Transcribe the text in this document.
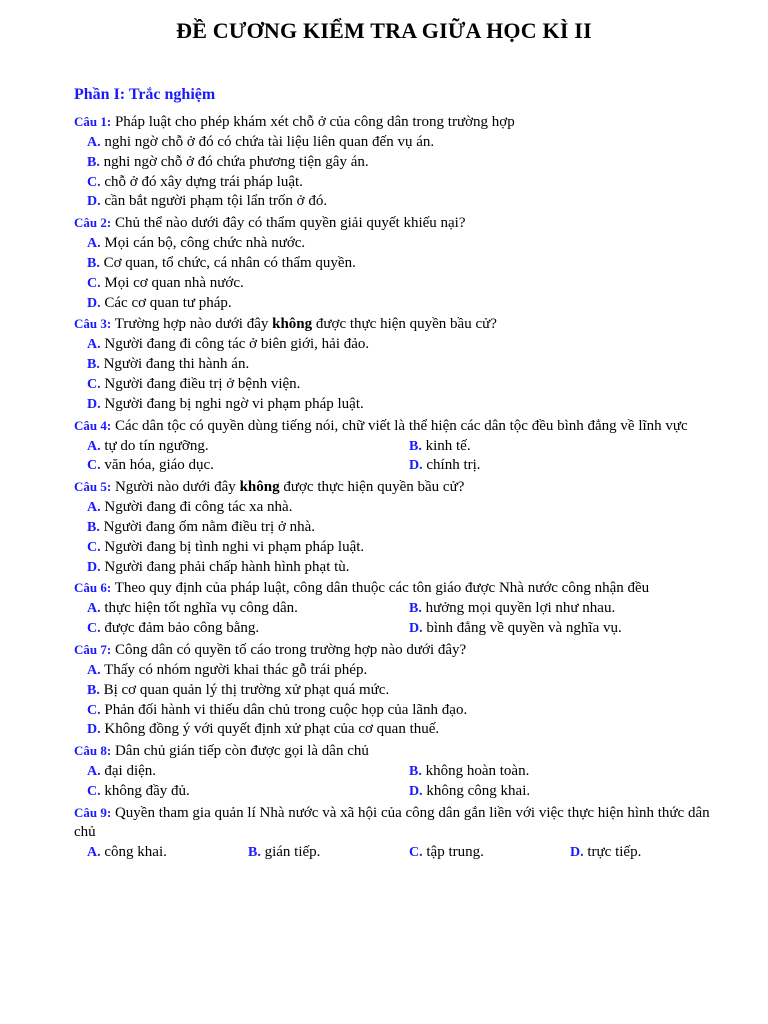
ĐỀ CƯƠNG KIỂM TRA GIỮA HỌC KÌ II
Phần I: Trắc nghiệm
Câu 1: Pháp luật cho phép khám xét chỗ ở của công dân trong trường hợp
A. nghi ngờ chỗ ở đó có chứa tài liệu liên quan đến vụ án.
B. nghi ngờ chỗ ở đó chứa phương tiện gây án.
C. chỗ ở đó xây dựng trái pháp luật.
D. cần bắt người phạm tội lẩn trốn ở đó.
Câu 2: Chủ thể nào dưới đây có thẩm quyền giải quyết khiếu nại?
A. Mọi cán bộ, công chức nhà nước.
B. Cơ quan, tổ chức, cá nhân có thẩm quyền.
C. Mọi cơ quan nhà nước.
D. Các cơ quan tư pháp.
Câu 3: Trường hợp nào dưới đây không được thực hiện quyền bầu cử?
A. Người đang đi công tác ở biên giới, hải đảo.
B. Người đang thi hành án.
C. Người đang điều trị ở bệnh viện.
D. Người đang bị nghi ngờ vi phạm pháp luật.
Câu 4: Các dân tộc có quyền dùng tiếng nói, chữ viết là thể hiện các dân tộc đều bình đẳng về lĩnh vực
A. tự do tín ngưỡng.	B. kinh tế.
C. văn hóa, giáo dục.	D. chính trị.
Câu 5: Người nào dưới đây không được thực hiện quyền bầu cử?
A. Người đang đi công tác xa nhà.
B. Người đang ốm nằm điều trị ở nhà.
C. Người đang bị tình nghi vi phạm pháp luật.
D. Người đang phải chấp hành hình phạt tù.
Câu 6: Theo quy định của pháp luật, công dân thuộc các tôn giáo được Nhà nước công nhận đều
A. thực hiện tốt nghĩa vụ công dân.	B. hưởng mọi quyền lợi như nhau.
C. được đảm bảo công bằng.	D. bình đẳng về quyền và nghĩa vụ.
Câu 7: Công dân có quyền tố cáo trong trường hợp nào dưới đây?
A. Thấy có nhóm người khai thác gỗ trái phép.
B. Bị cơ quan quản lý thị trường xử phạt quá mức.
C. Phản đối hành vi thiếu dân chủ trong cuộc họp của lãnh đạo.
D. Không đồng ý với quyết định xử phạt của cơ quan thuế.
Câu 8: Dân chủ gián tiếp còn được gọi là dân chủ
A. đại diện.	B. không hoàn toàn.
C. không đầy đủ.	D. không công khai.
Câu 9: Quyền tham gia quản lí Nhà nước và xã hội của công dân gắn liền với việc thực hiện hình thức dân chủ
A. công khai.	B. gián tiếp.	C. tập trung.	D. trực tiếp.
